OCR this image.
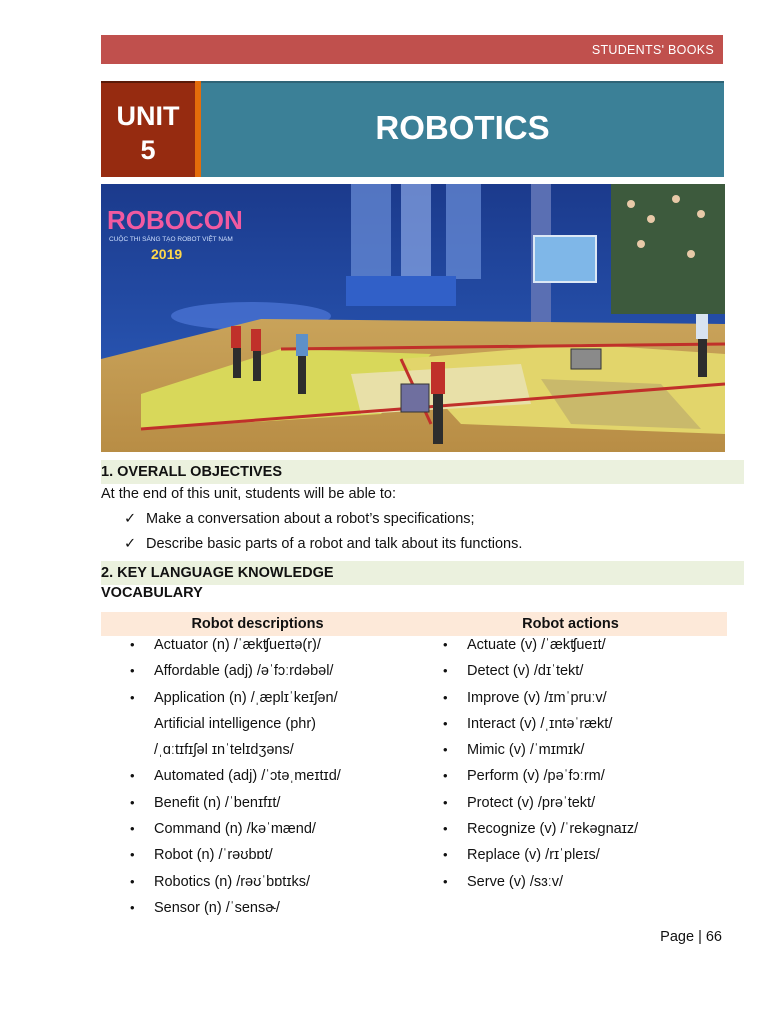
STUDENTS' BOOKS
UNIT
5
ROBOTICS
ROBOCON
CUỘC THI SÁNG TẠO ROBOT VIỆT NAM
2019
1. OVERALL OBJECTIVES
At the end of this unit, students will be able to:
✓ Make a conversation about a robot’s specifications;
✓ Describe basic parts of a robot and talk about its functions.
2. KEY LANGUAGE KNOWLEDGE
VOCABULARY
Robot descriptions	Robot actions
• Actuator (n) /ˈækʧueɪtə(r)/
• Affordable (adj) /əˈfɔːrdəbəl/
• Application (n) /ˌæplɪˈkeɪʃən/
Artificial intelligence (phr)
/ˌɑːtɪfɪʃəl ɪnˈtelɪdʒəns/
• Automated (adj) /ˈɔtəˌmeɪtɪd/
• Benefit (n) /ˈbenɪfɪt/
• Command (n) /kəˈmænd/
• Robot (n) /ˈrəʊbɒt/
• Robotics (n) /rəʊˈbɒtɪks/
• Sensor (n) /ˈsensɚ/
• Actuate (v) /ˈækʧueɪt/
• Detect (v) /dɪˈtekt/
• Improve (v) /ɪmˈpruːv/
• Interact (v) /ˌɪntəˈrækt/
• Mimic (v) /ˈmɪmɪk/
• Perform (v) /pəˈfɔːrm/
• Protect (v) /prəˈtekt/
• Recognize (v) /ˈrekəgnaɪz/
• Replace (v) /rɪˈpleɪs/
• Serve (v) /sɜːv/
Page | 66
